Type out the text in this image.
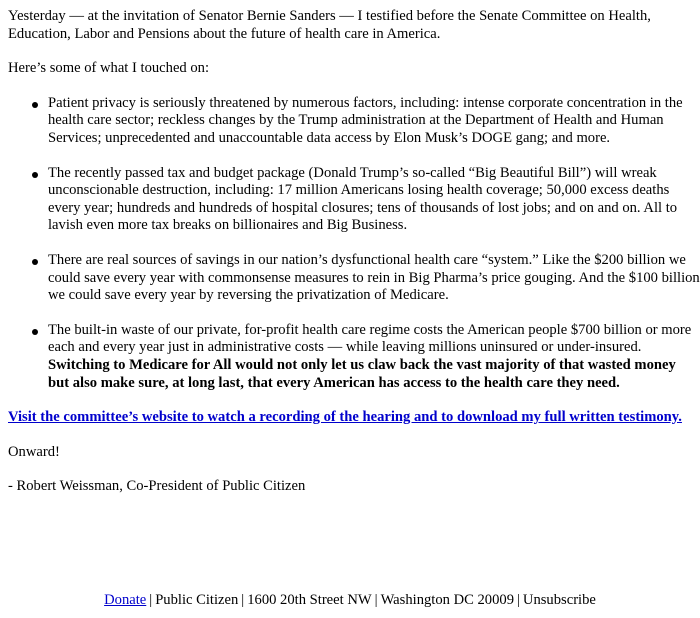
Yesterday — at the invitation of Senator Bernie Sanders — I testified before the Senate Committee on Health, Education, Labor and Pensions about the future of health care in America.

Here’s some of what I touched on:

Patient privacy is seriously threatened by numerous factors, including: intense corporate concentration in the health care sector; reckless changes by the Trump administration at the Department of Health and Human Services; unprecedented and unaccountable data access by Elon Musk’s DOGE gang; and more.
The recently passed tax and budget package (Donald Trump’s so-called “Big Beautiful Bill”) will wreak unconscionable destruction, including: 17 million Americans losing health coverage; 50,000 excess deaths every year; hundreds and hundreds of hospital closures; tens of thousands of lost jobs; and on and on. All to lavish even more tax breaks on billionaires and Big Business.
There are real sources of savings in our nation’s dysfunctional health care “system.” Like the $200 billion we could save every year with commonsense measures to rein in Big Pharma’s price gouging. And the $100 billion we could save every year by reversing the privatization of Medicare.
The built-in waste of our private, for-profit health care regime costs the American people $700 billion or more each and every year just in administrative costs — while leaving millions uninsured or under-insured. Switching to Medicare for All would not only let us claw back the vast majority of that wasted money but also make sure, at long last, that every American has access to the health care they need.

Visit the committee’s website to watch a recording of the hearing and to download my full written testimony.

Onward!

- Robert Weissman, Co-President of Public Citizen

Donate | Public Citizen | 1600 20th Street NW | Washington DC 20009 | Unsubscribe
